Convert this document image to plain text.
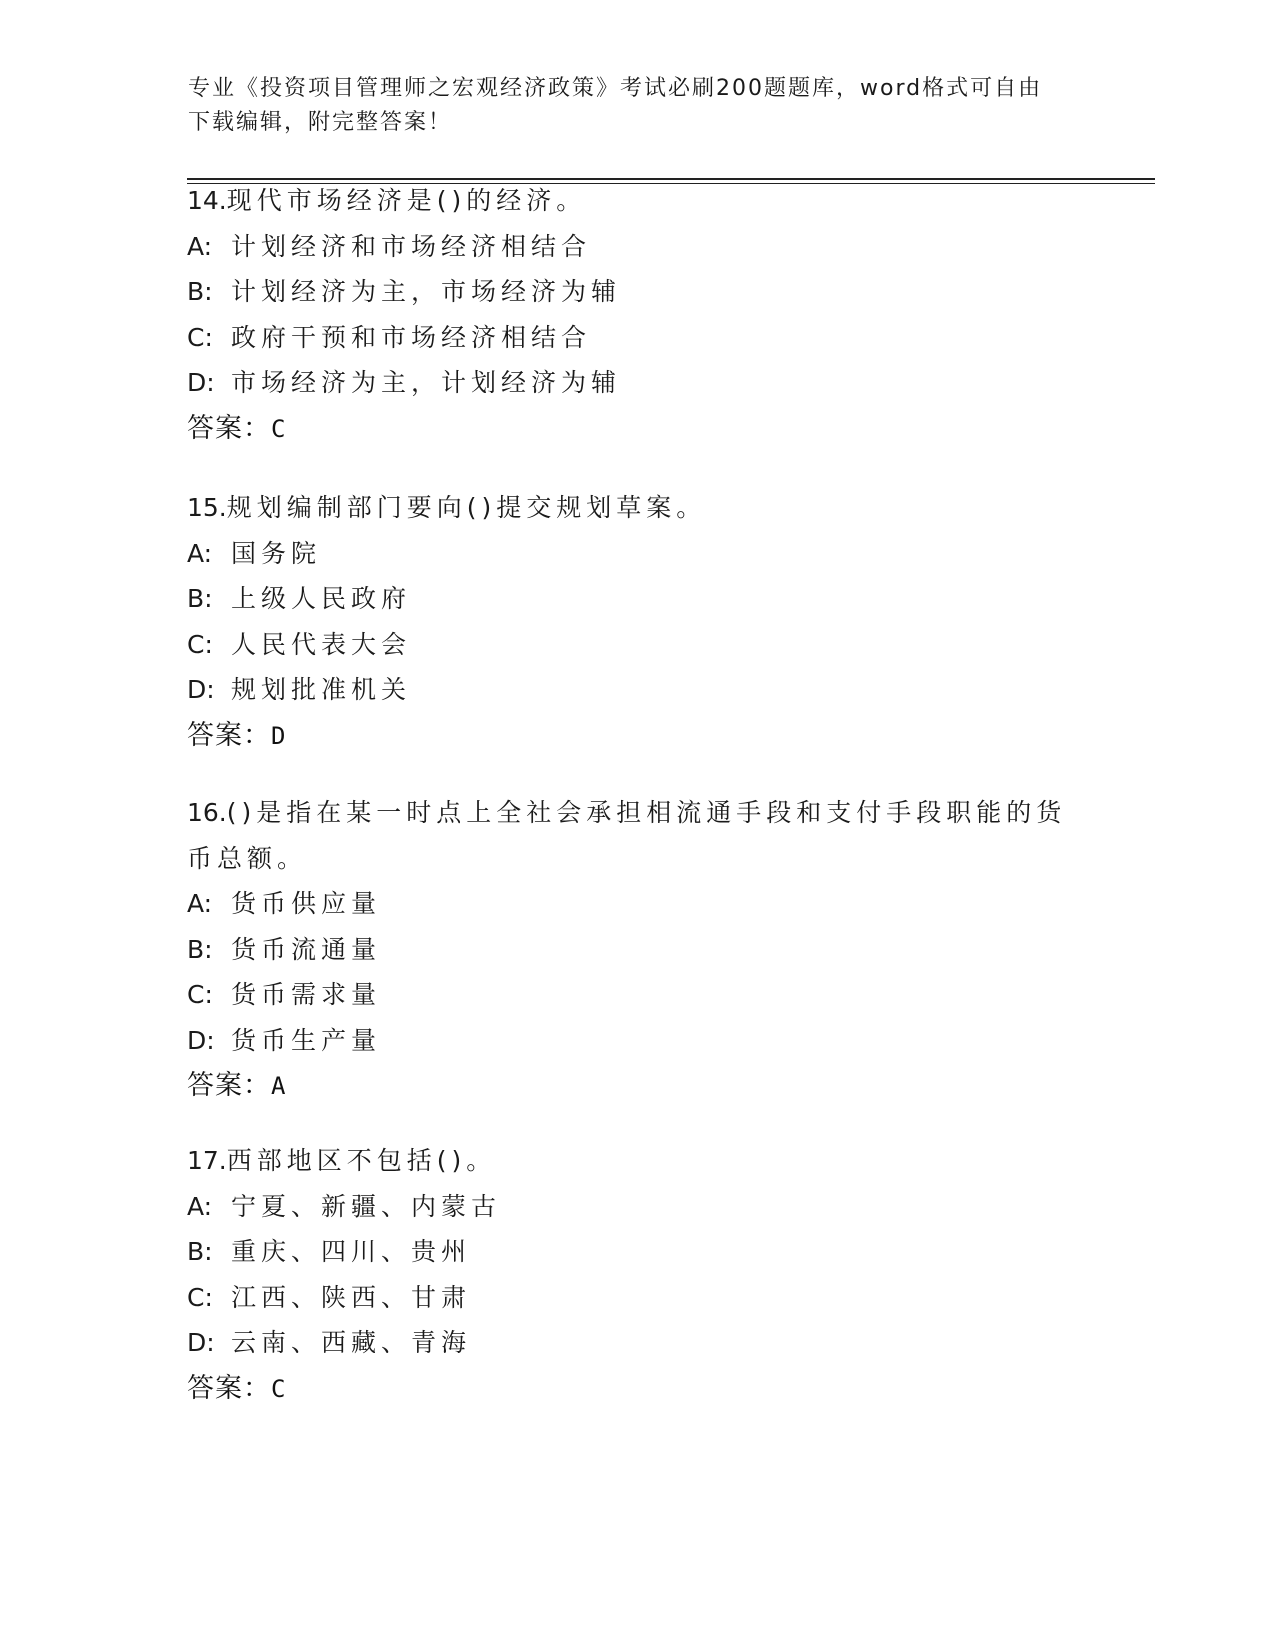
专业《投资项目管理师之宏观经济政策》考试必刷200题题库，word格式可自由
下载编辑，附完整答案！
14.现代市场经济是()的经济。
A: 计划经济和市场经济相结合
B: 计划经济为主，市场经济为辅
C: 政府干预和市场经济相结合
D: 市场经济为主，计划经济为辅
答案：C
15.规划编制部门要向()提交规划草案。
A: 国务院
B: 上级人民政府
C: 人民代表大会
D: 规划批准机关
答案：D
16.()是指在某一时点上全社会承担相流通手段和支付手段职能的货币总额。
A: 货币供应量
B: 货币流通量
C: 货币需求量
D: 货币生产量
答案：A
17.西部地区不包括()。
A: 宁夏、新疆、内蒙古
B: 重庆、四川、贵州
C: 江西、陕西、甘肃
D: 云南、西藏、青海
答案：C
